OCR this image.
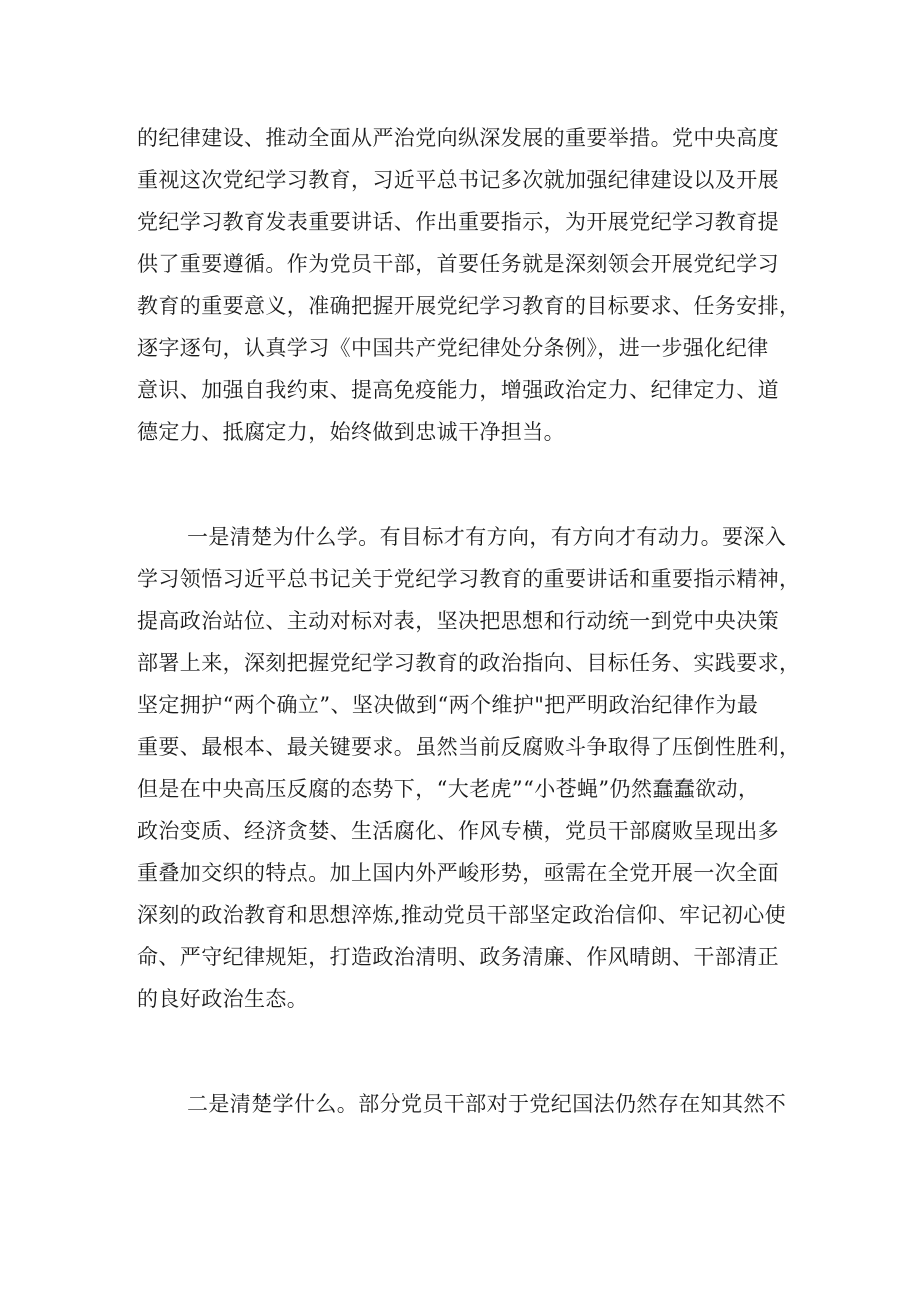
的纪律建设、推动全面从严治党向纵深发展的重要举措。党中央高度
重视这次党纪学习教育，习近平总书记多次就加强纪律建设以及开展
党纪学习教育发表重要讲话、作出重要指示，为开展党纪学习教育提
供了重要遵循。作为党员干部，首要任务就是深刻领会开展党纪学习
教育的重要意义，准确把握开展党纪学习教育的目标要求、任务安排，
逐字逐句，认真学习《中国共产党纪律处分条例》，进一步强化纪律
意识、加强自我约束、提高免疫能力，增强政治定力、纪律定力、道
德定力、抵腐定力，始终做到忠诚干净担当。
一是清楚为什么学。有目标才有方向，有方向才有动力。要深入
学习领悟习近平总书记关于党纪学习教育的重要讲话和重要指示精神，
提高政治站位、主动对标对表，坚决把思想和行动统一到党中央决策
部署上来，深刻把握党纪学习教育的政治指向、目标任务、实践要求，
坚定拥护“两个确立”、坚决做到“两个维护"把严明政治纪律作为最
重要、最根本、最关键要求。虽然当前反腐败斗争取得了压倒性胜利，
但是在中央高压反腐的态势下，“大老虎”“小苍蝇”仍然蠢蠢欲动，
政治变质、经济贪婪、生活腐化、作风专横，党员干部腐败呈现出多
重叠加交织的特点。加上国内外严峻形势，亟需在全党开展一次全面
深刻的政治教育和思想淬炼,推动党员干部坚定政治信仰、牢记初心使
命、严守纪律规矩，打造政治清明、政务清廉、作风晴朗、干部清正
的良好政治生态。
二是清楚学什么。部分党员干部对于党纪国法仍然存在知其然不
